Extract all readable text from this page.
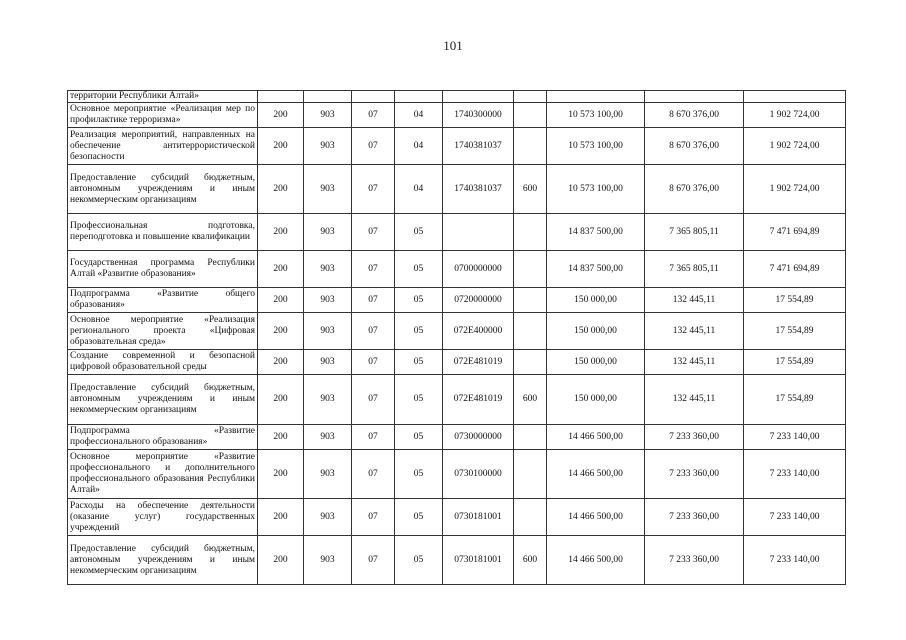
101
территории Республики Алтай»									
Основное мероприятие «Реализация мер по профилактике терроризма»	200	903	07	04	1740300000		10 573 100,00	8 670 376,00	1 902 724,00
Реализация мероприятий, направленных на обеспечение антитеррористической безопасности	200	903	07	04	1740381037		10 573 100,00	8 670 376,00	1 902 724,00
Предоставление субсидий бюджетным, автономным учреждениям и иным некоммерческим организациям	200	903	07	04	1740381037	600	10 573 100,00	8 670 376,00	1 902 724,00
Профессиональная подготовка, переподготовка и повышение квалификации	200	903	07	05			14 837 500,00	7 365 805,11	7 471 694,89
Государственная программа Республики Алтай «Развитие образования»	200	903	07	05	0700000000		14 837 500,00	7 365 805,11	7 471 694,89
Подпрограмма «Развитие общего образования»	200	903	07	05	0720000000		150 000,00	132 445,11	17 554,89
Основное мероприятие «Реализация регионального проекта «Цифровая образовательная среда»	200	903	07	05	072E400000		150 000,00	132 445,11	17 554,89
Создание современной и безопасной цифровой образовательной среды	200	903	07	05	072E481019		150 000,00	132 445,11	17 554,89
Предоставление субсидий бюджетным, автономным учреждениям и иным некоммерческим организациям	200	903	07	05	072E481019	600	150 000,00	132 445,11	17 554,89
Подпрограмма «Развитие профессионального образования»	200	903	07	05	0730000000		14 466 500,00	7 233 360,00	7 233 140,00
Основное мероприятие «Развитие профессионального и дополнительного профессионального образования Республики Алтай»	200	903	07	05	0730100000		14 466 500,00	7 233 360,00	7 233 140,00
Расходы на обеспечение деятельности (оказание услуг) государственных учреждений	200	903	07	05	0730181001		14 466 500,00	7 233 360,00	7 233 140,00
Предоставление субсидий бюджетным, автономным учреждениям и иным некоммерческим организациям	200	903	07	05	0730181001	600	14 466 500,00	7 233 360,00	7 233 140,00
